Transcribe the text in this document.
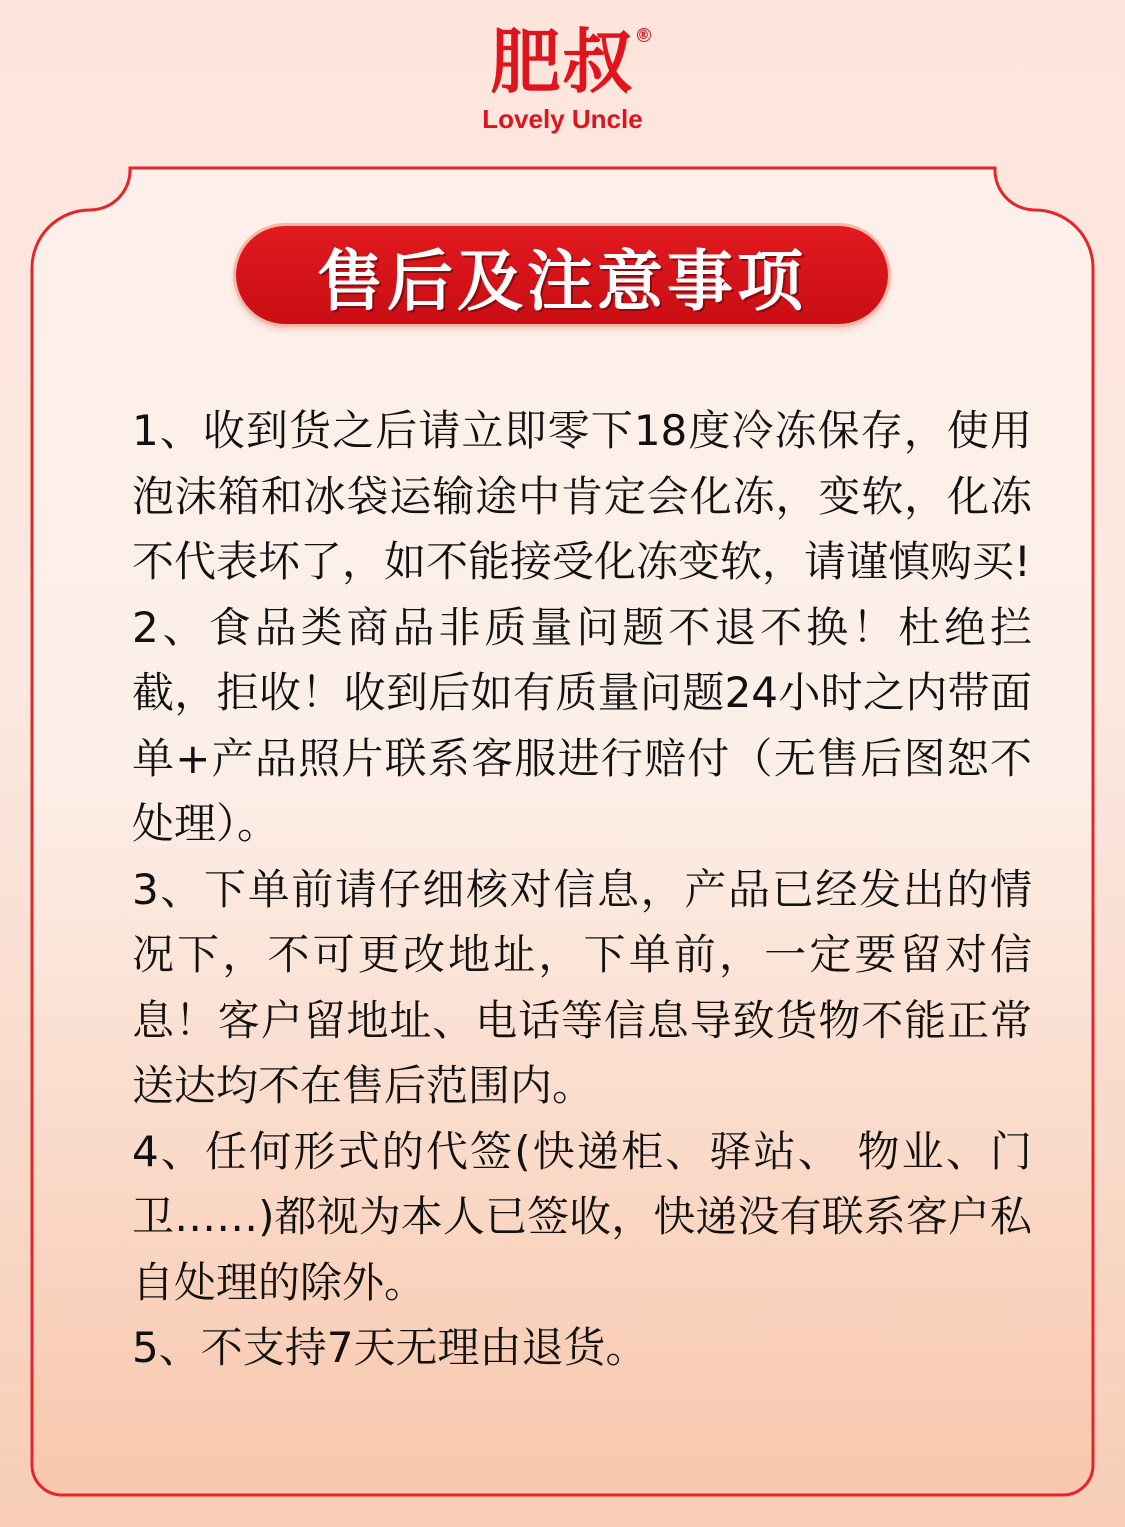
肥叔 ®
Lovely Uncle
售后及注意事项
1、收到货之后请立即零下18度冷冻保存，使用泡沫箱和冰袋运输途中肯定会化冻，变软，化冻不代表坏了，如不能接受化冻变软，请谨慎购买!
2、食品类商品非质量问题不退不换！杜绝拦截，拒收！收到后如有质量问题24小时之内带面单+产品照片联系客服进行赔付（无售后图恕不处理）。
3、下单前请仔细核对信息，产品已经发出的情况下，不可更改地址，下单前，一定要留对信息！客户留地址、电话等信息导致货物不能正常送达均不在售后范围内。
4、任何形式的代签(快递柜、驿站、 物业、门卫……)都视为本人已签收，快递没有联系客户私自处理的除外。
5、不支持7天无理由退货。
